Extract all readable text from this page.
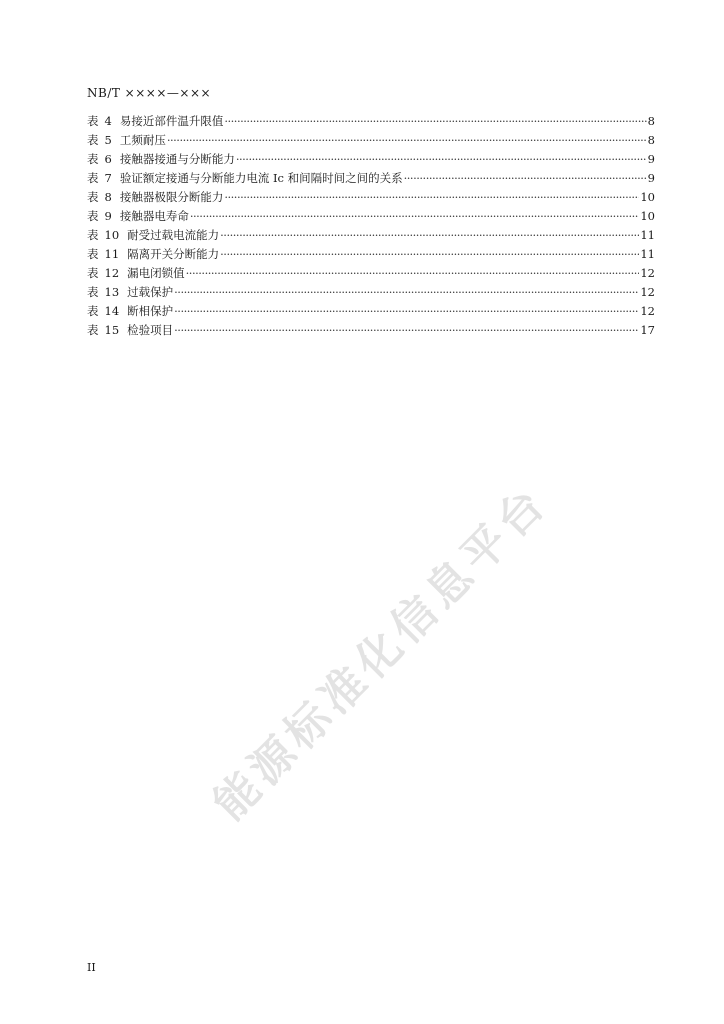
NB/T ××××—×××
表 4 易接近部件温升限值 ·····	8
表 5 工频耐压 ·····	8
表 6 接触器接通与分断能力 ·····	9
表 7 验证额定接通与分断能力电流 Ic 和间隔时间之间的关系 ·····	9
表 8 接触器极限分断能力 ·····	10
表 9 接触器电寿命 ·····	10
表 10 耐受过载电流能力 ·····	11
表 11 隔离开关分断能力 ·····	11
表 12 漏电闭锁值 ·····	12
表 13 过载保护 ·····	12
表 14 断相保护 ·····	12
表 15 检验项目 ·····	17
能源标准化信息平台
II
